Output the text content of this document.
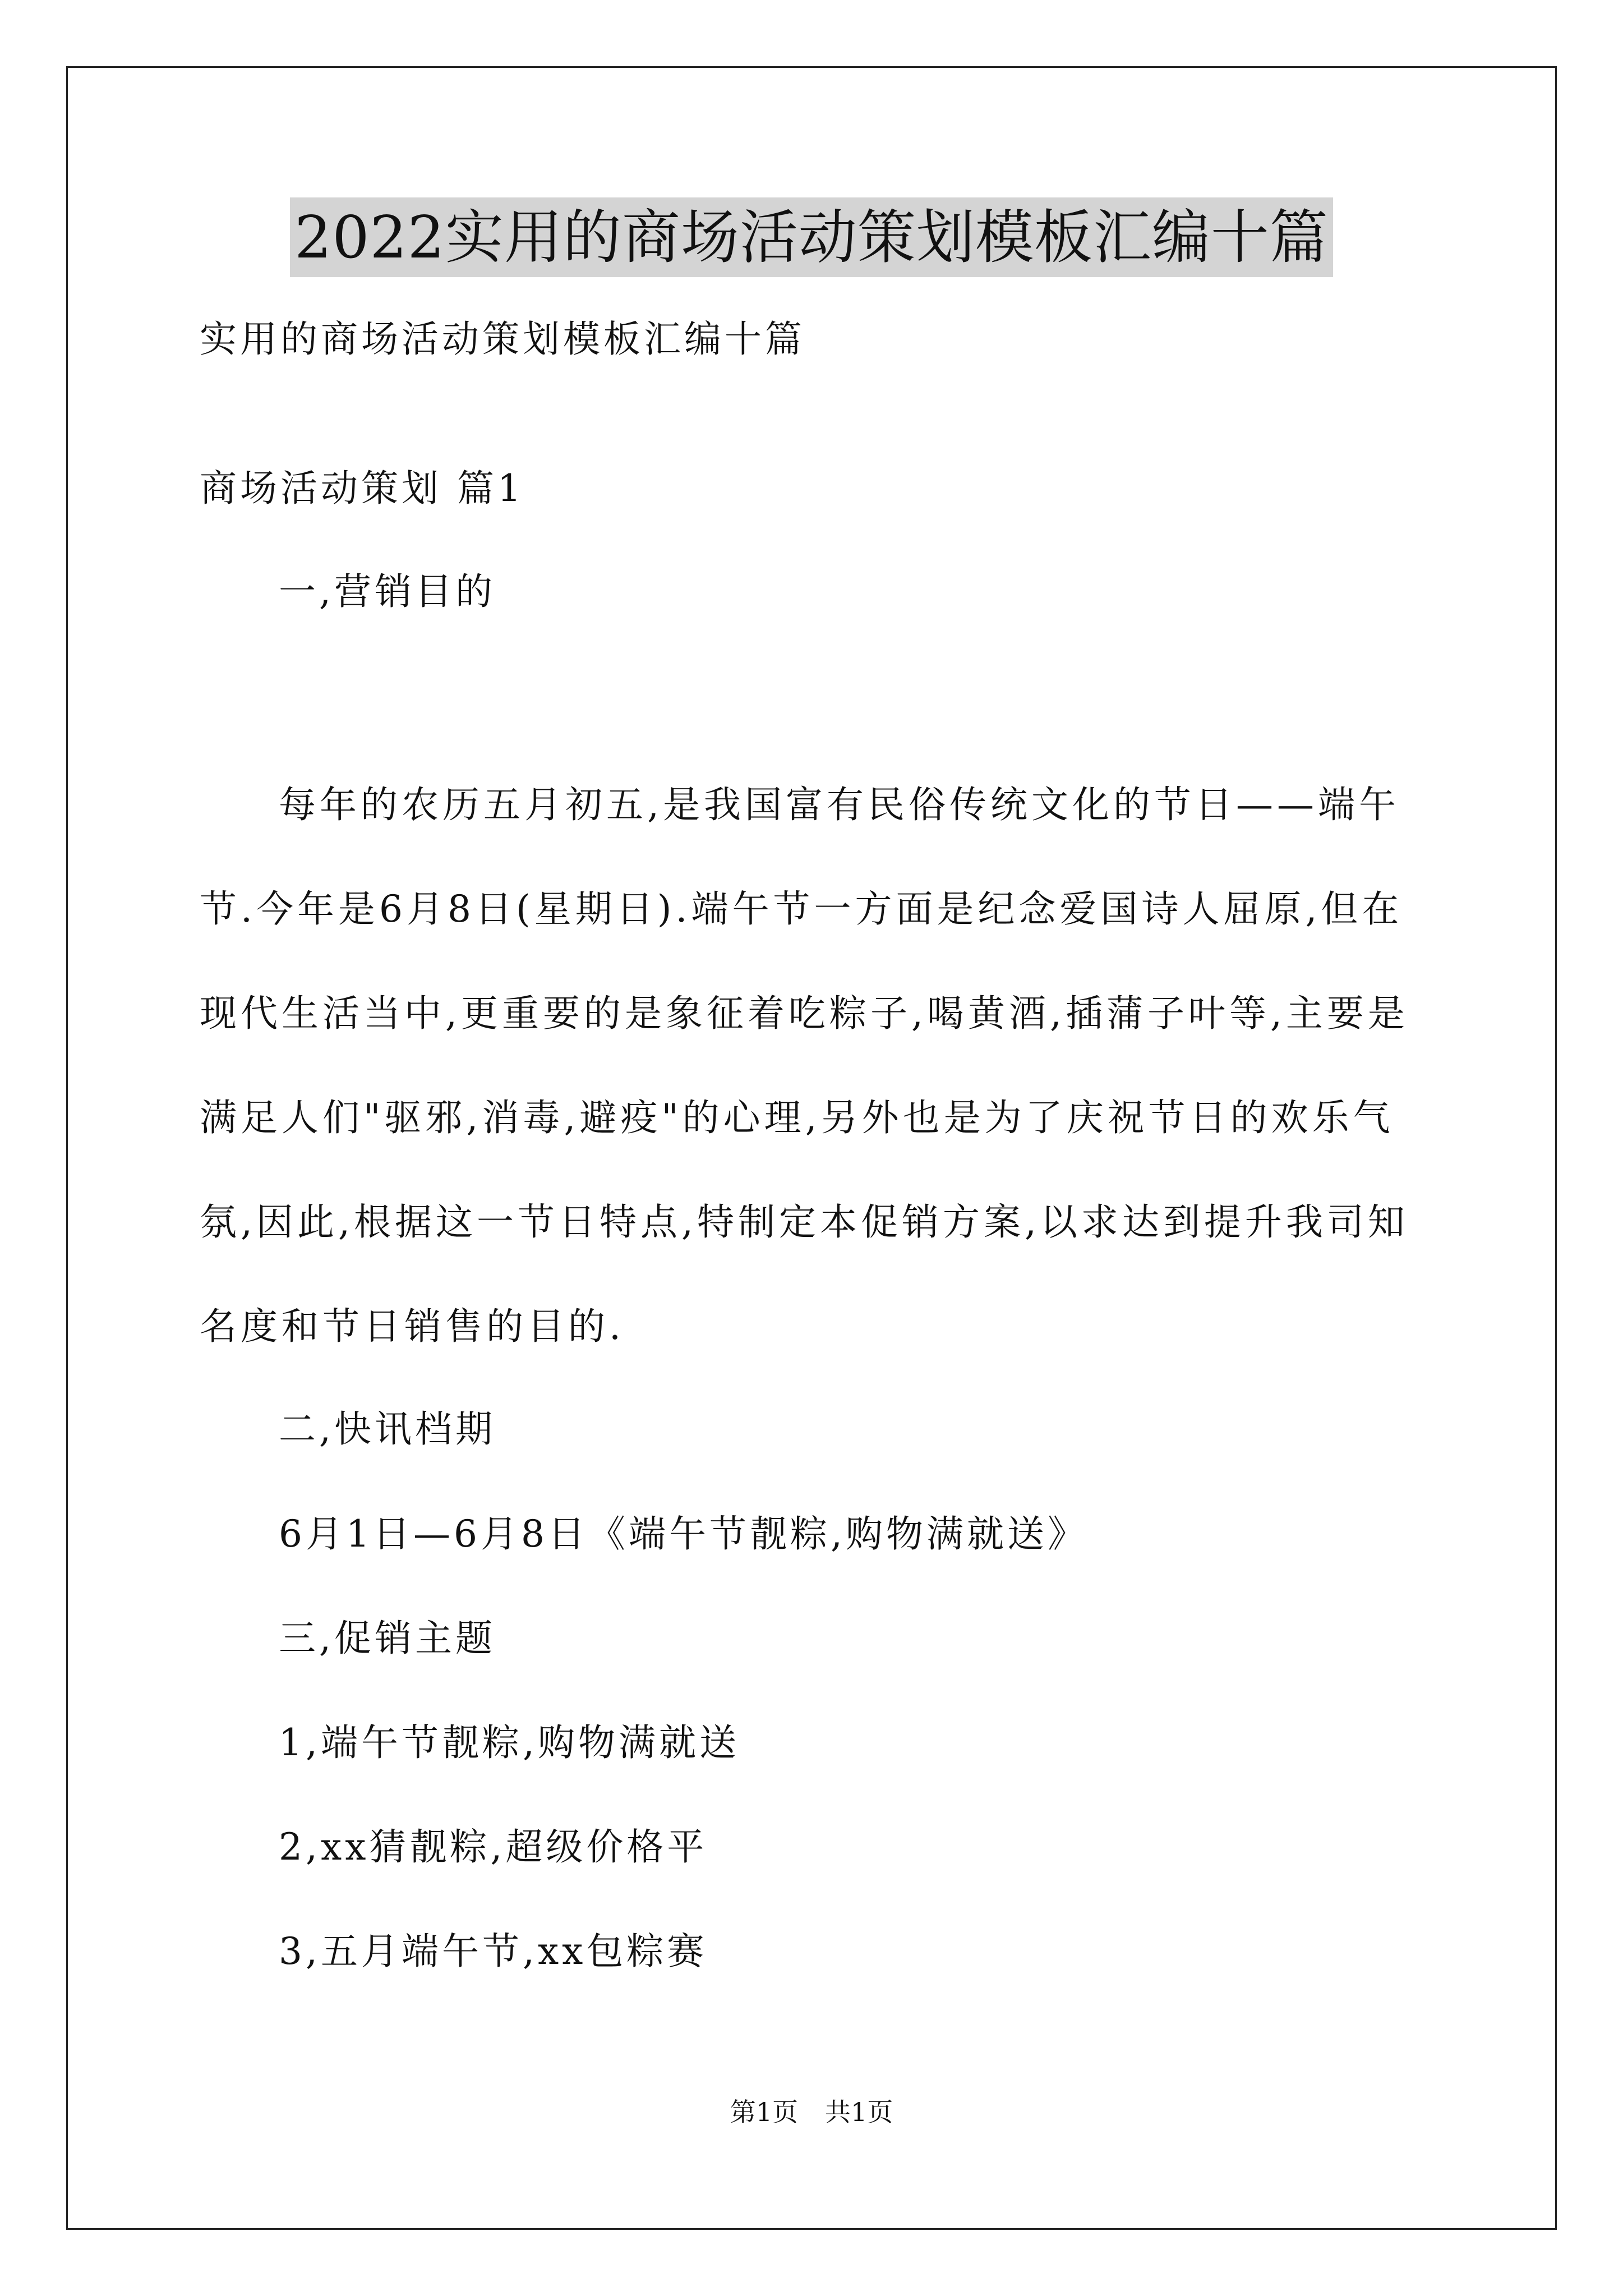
2022实用的商场活动策划模板汇编十篇
实用的商场活动策划模板汇编十篇
商场活动策划 篇1
一,营销目的
每年的农历五月初五,是我国富有民俗传统文化的节日——端午
节.今年是6月8日(星期日).端午节一方面是纪念爱国诗人屈原,但在
现代生活当中,更重要的是象征着吃粽子,喝黄酒,插蒲子叶等,主要是
满足人们"驱邪,消毒,避疫"的心理,另外也是为了庆祝节日的欢乐气
氛,因此,根据这一节日特点,特制定本促销方案,以求达到提升我司知
名度和节日销售的目的.
二,快讯档期
6月1日—6月8日《端午节靓粽,购物满就送》
三,促销主题
1,端午节靓粽,购物满就送
2,xx猜靓粽,超级价格平
3,五月端午节,xx包粽赛
第1页 共1页
